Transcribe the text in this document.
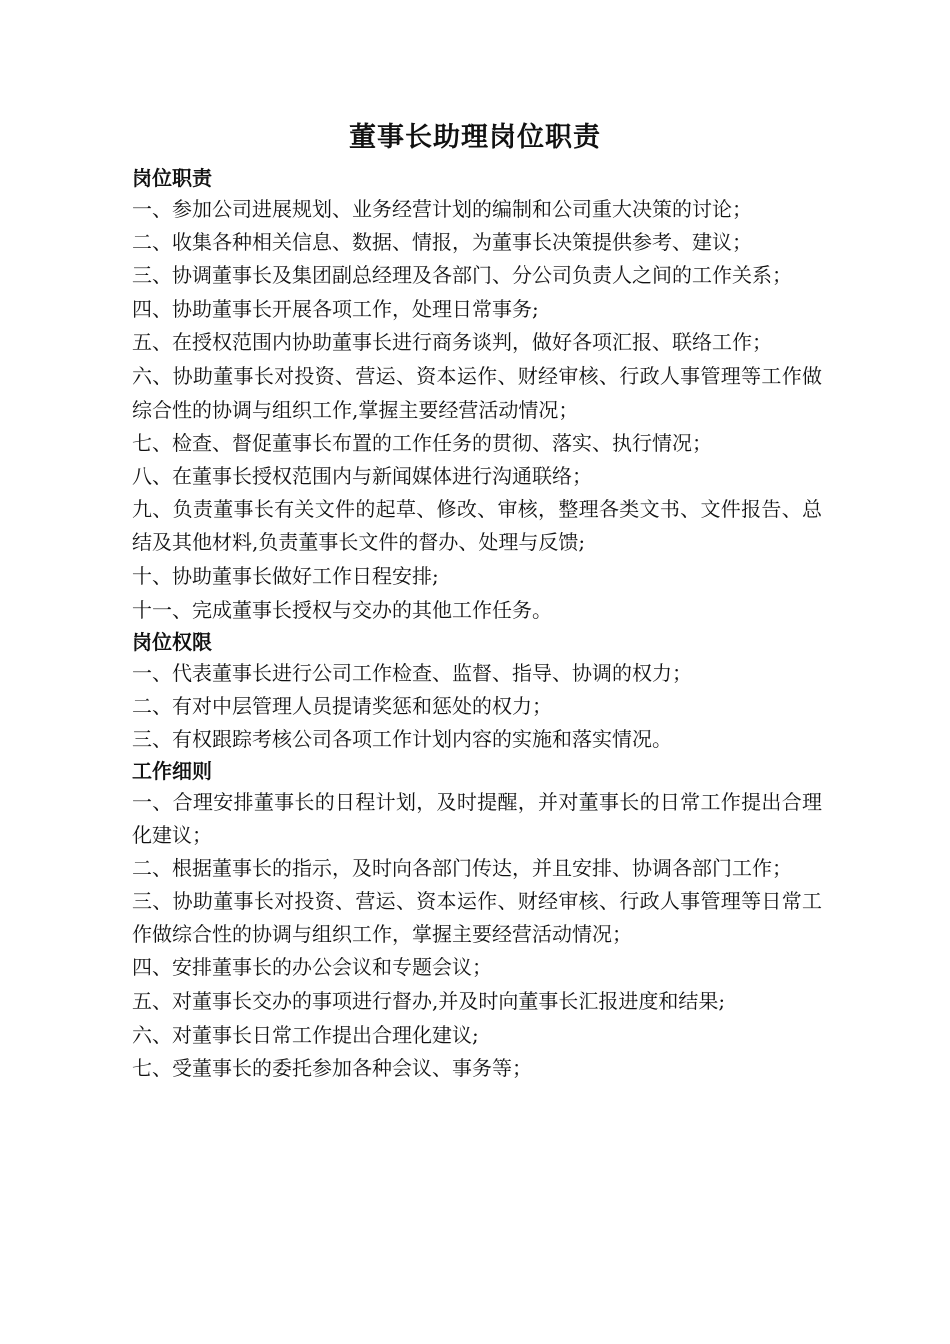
董事长助理岗位职责
岗位职责

一、参加公司进展规划、业务经营计划的编制和公司重大决策的讨论；

二、收集各种相关信息、数据、情报，为董事长决策提供参考、建议；

三、协调董事长及集团副总经理及各部门、分公司负责人之间的工作关系；

四、协助董事长开展各项工作，处理日常事务;

五、在授权范围内协助董事长进行商务谈判，做好各项汇报、联络工作；

六、协助董事长对投资、营运、资本运作、财经审核、行政人事管理等工作做综合性的协调与组织工作,掌握主要经营活动情况；

七、检查、督促董事长布置的工作任务的贯彻、落实、执行情况；

八、在董事长授权范围内与新闻媒体进行沟通联络；

九、负责董事长有关文件的起草、修改、审核，整理各类文书、文件报告、总结及其他材料,负责董事长文件的督办、处理与反馈;

十、协助董事长做好工作日程安排;

十一、完成董事长授权与交办的其他工作任务。

岗位权限

一、代表董事长进行公司工作检查、监督、指导、协调的权力；

二、有对中层管理人员提请奖惩和惩处的权力；

三、有权跟踪考核公司各项工作计划内容的实施和落实情况。

工作细则

一、合理安排董事长的日程计划，及时提醒，并对董事长的日常工作提出合理化建议；

二、根据董事长的指示，及时向各部门传达，并且安排、协调各部门工作；

三、协助董事长对投资、营运、资本运作、财经审核、行政人事管理等日常工作做综合性的协调与组织工作，掌握主要经营活动情况；

四、安排董事长的办公会议和专题会议；

五、对董事长交办的事项进行督办,并及时向董事长汇报进度和结果;

六、对董事长日常工作提出合理化建议;

七、受董事长的委托参加各种会议、事务等；
